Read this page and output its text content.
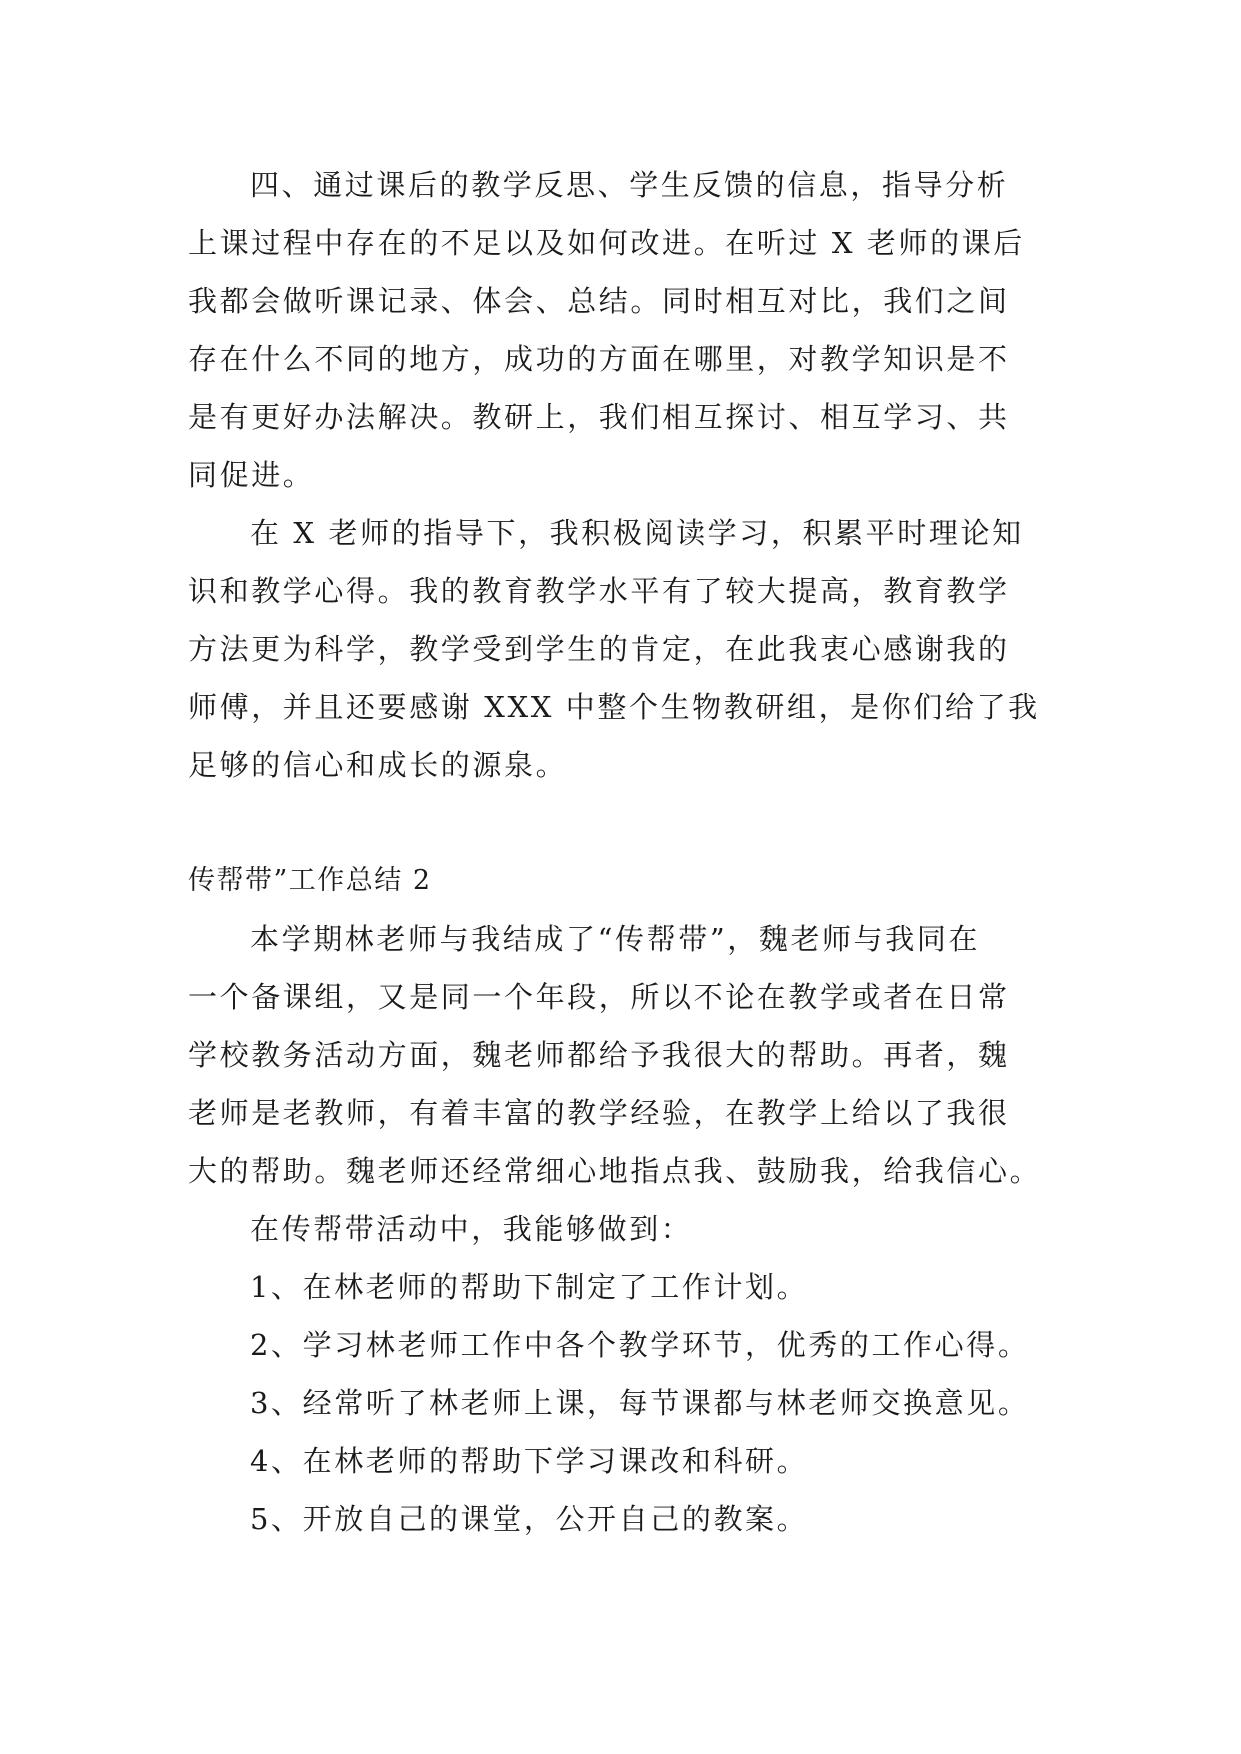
四、通过课后的教学反思、学生反馈的信息，指导分析
上课过程中存在的不足以及如何改进。在听过 X 老师的课后
我都会做听课记录、体会、总结。同时相互对比，我们之间
存在什么不同的地方，成功的方面在哪里，对教学知识是不
是有更好办法解决。教研上，我们相互探讨、相互学习、共
同促进。
在 X 老师的指导下，我积极阅读学习，积累平时理论知
识和教学心得。我的教育教学水平有了较大提高，教育教学
方法更为科学，教学受到学生的肯定，在此我衷心感谢我的
师傅，并且还要感谢 XXX 中整个生物教研组，是你们给了我
足够的信心和成长的源泉。
传帮带”工作总结 2
本学期林老师与我结成了“传帮带”，魏老师与我同在
一个备课组，又是同一个年段，所以不论在教学或者在日常
学校教务活动方面，魏老师都给予我很大的帮助。再者，魏
老师是老教师，有着丰富的教学经验，在教学上给以了我很
大的帮助。魏老师还经常细心地指点我、鼓励我，给我信心。
在传帮带活动中，我能够做到：
1、在林老师的帮助下制定了工作计划。
2、学习林老师工作中各个教学环节，优秀的工作心得。
3、经常听了林老师上课，每节课都与林老师交换意见。
4、在林老师的帮助下学习课改和科研。
5、开放自己的课堂，公开自己的教案。
